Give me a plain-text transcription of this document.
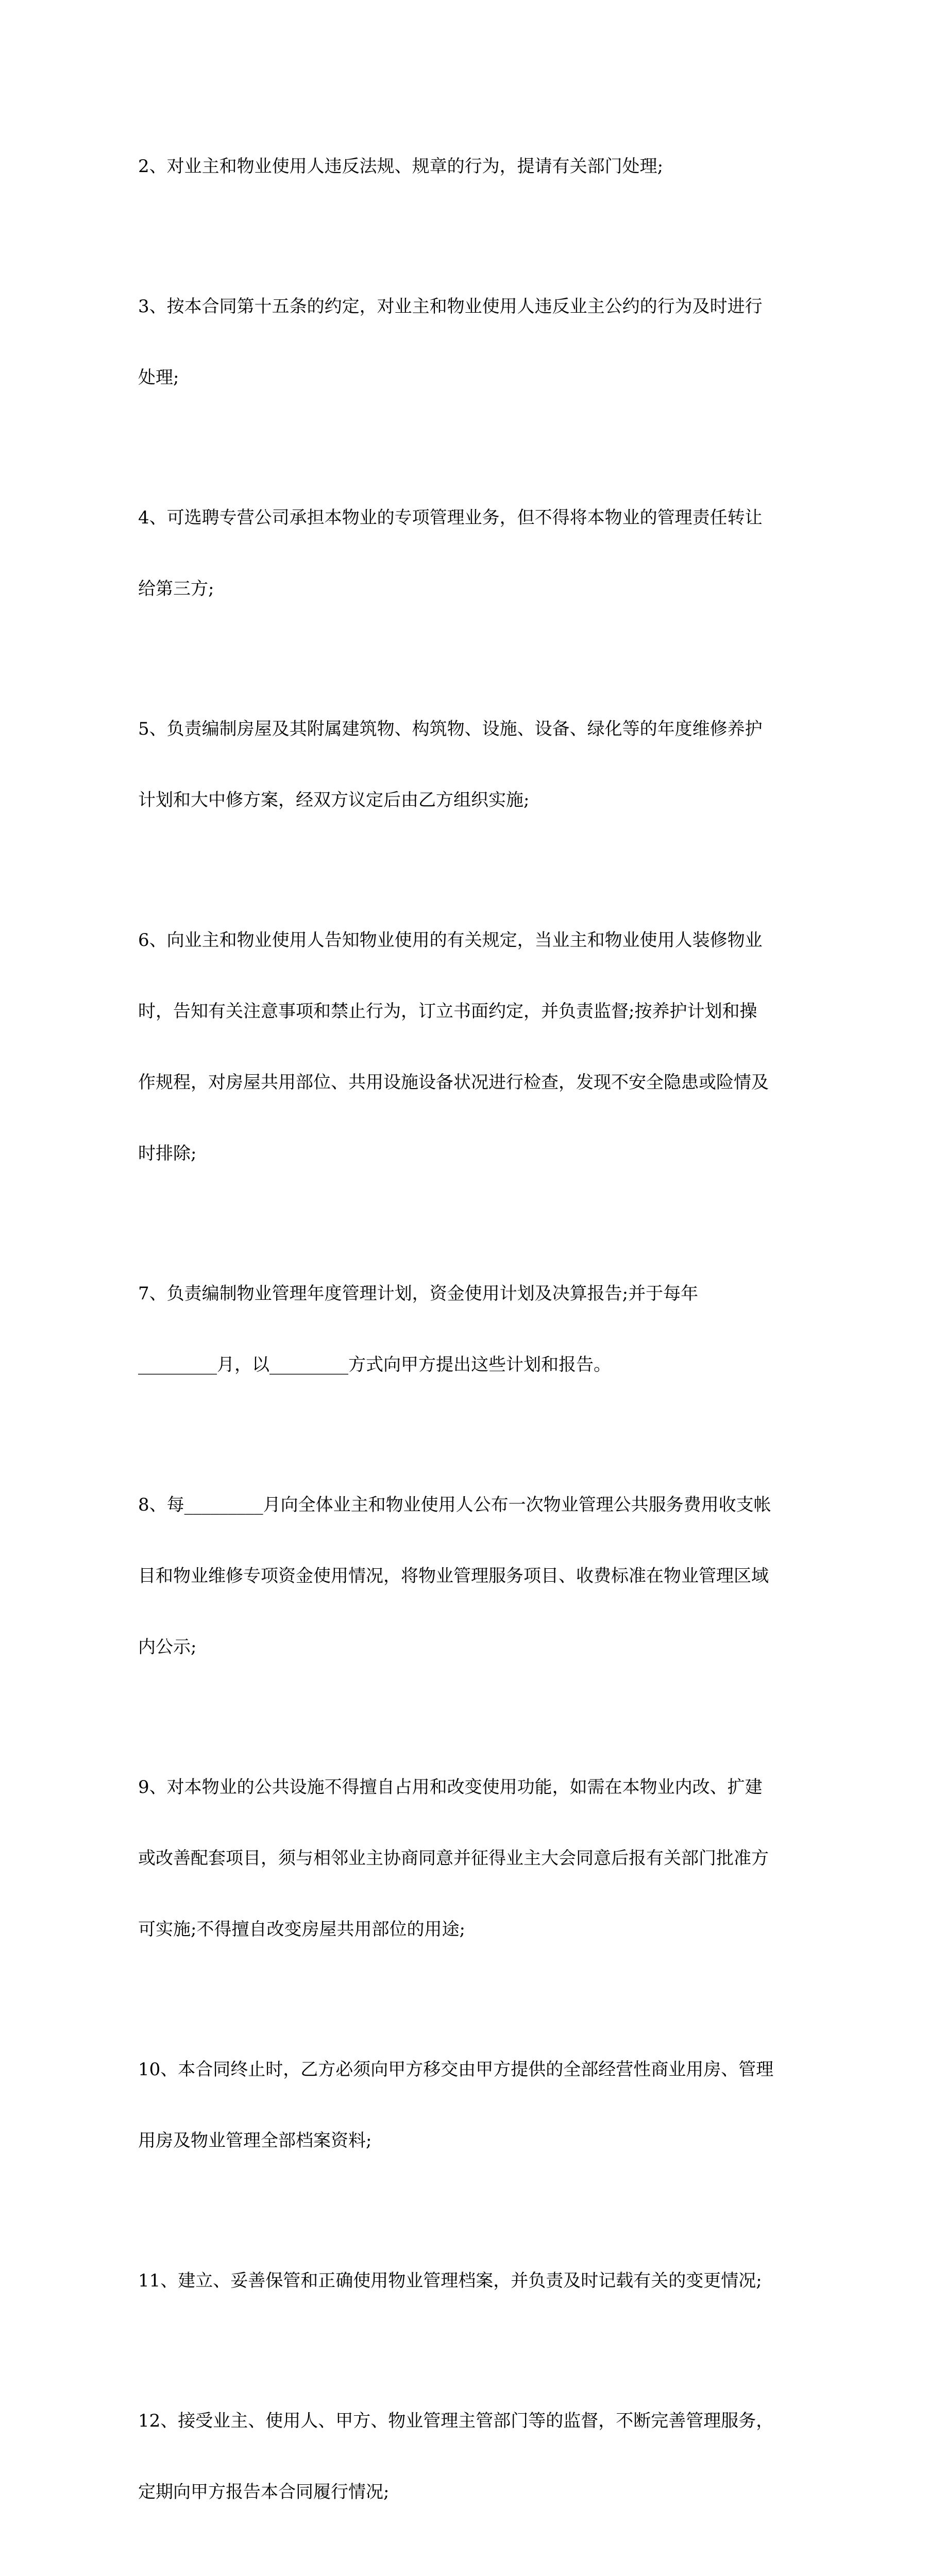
2、对业主和物业使用人违反法规、规章的行为，提请有关部门处理;

3、按本合同第十五条的约定，对业主和物业使用人违反业主公约的行为及时进行

处理;

4、可选聘专营公司承担本物业的专项管理业务，但不得将本物业的管理责任转让

给第三方;

5、负责编制房屋及其附属建筑物、构筑物、设施、设备、绿化等的年度维修养护

计划和大中修方案，经双方议定后由乙方组织实施;

6、向业主和物业使用人告知物业使用的有关规定，当业主和物业使用人装修物业

时，告知有关注意事项和禁止行为，订立书面约定，并负责监督;按养护计划和操

作规程，对房屋共用部位、共用设施设备状况进行检查，发现不安全隐患或险情及

时排除;

7、负责编制物业管理年度管理计划，资金使用计划及决算报告;并于每年

_________月，以_________方式向甲方提出这些计划和报告。

8、每_________月向全体业主和物业使用人公布一次物业管理公共服务费用收支帐

目和物业维修专项资金使用情况，将物业管理服务项目、收费标准在物业管理区域

内公示;

9、对本物业的公共设施不得擅自占用和改变使用功能，如需在本物业内改、扩建

或改善配套项目，须与相邻业主协商同意并征得业主大会同意后报有关部门批准方

可实施;不得擅自改变房屋共用部位的用途;

10、本合同终止时，乙方必须向甲方移交由甲方提供的全部经营性商业用房、管理

用房及物业管理全部档案资料;

11、建立、妥善保管和正确使用物业管理档案，并负责及时记载有关的变更情况;

12、接受业主、使用人、甲方、物业管理主管部门等的监督，不断完善管理服务，

定期向甲方报告本合同履行情况;
